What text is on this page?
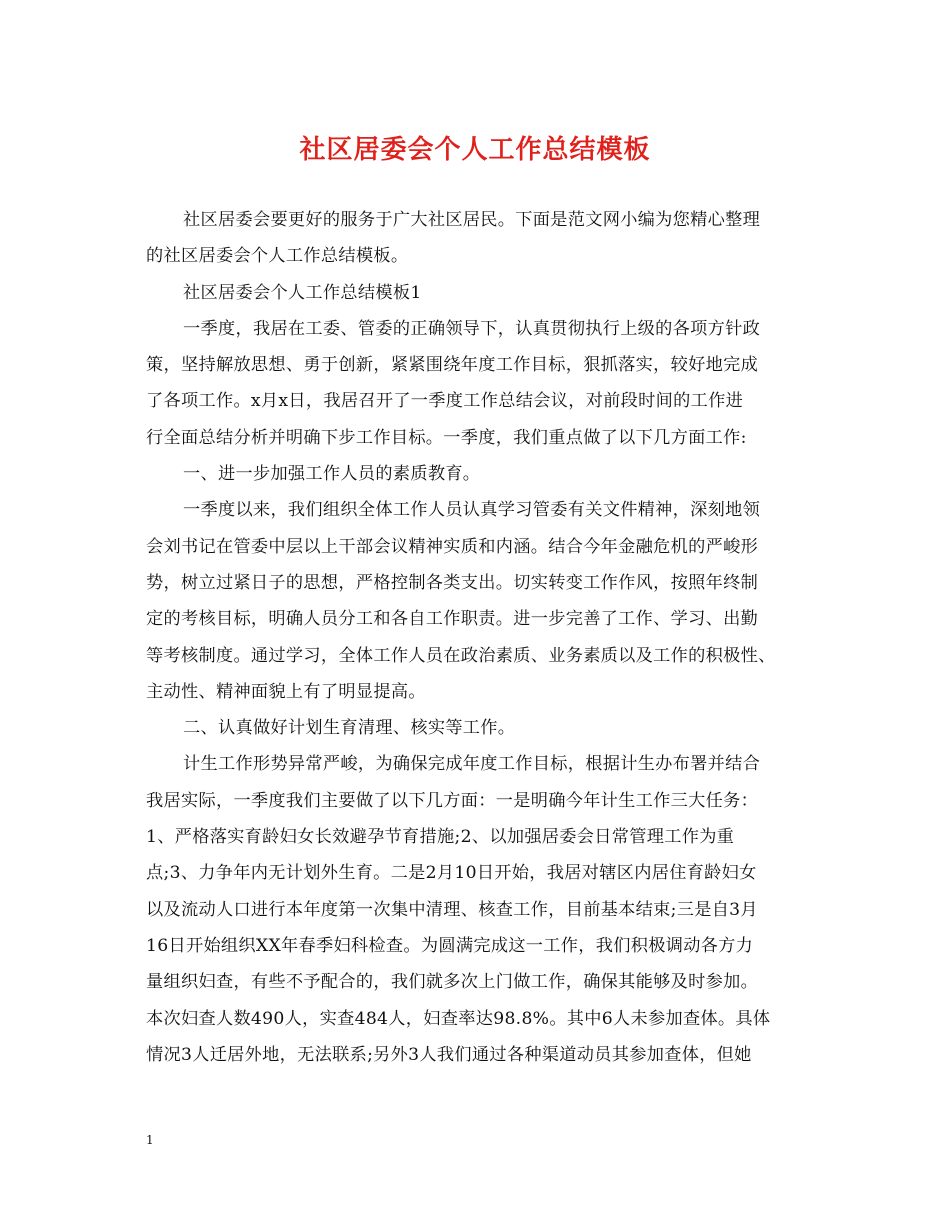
社区居委会个人工作总结模板
社区居委会要更好的服务于广大社区居民。下面是范文网小编为您精心整理
的社区居委会个人工作总结模板。
社区居委会个人工作总结模板1
一季度，我居在工委、管委的正确领导下，认真贯彻执行上级的各项方针政
策，坚持解放思想、勇于创新，紧紧围绕年度工作目标，狠抓落实，较好地完成
了各项工作。x月x日，我居召开了一季度工作总结会议，对前段时间的工作进
行全面总结分析并明确下步工作目标。一季度，我们重点做了以下几方面工作:
一、进一步加强工作人员的素质教育。
一季度以来，我们组织全体工作人员认真学习管委有关文件精神，深刻地领
会刘书记在管委中层以上干部会议精神实质和内涵。结合今年金融危机的严峻形
势，树立过紧日子的思想，严格控制各类支出。切实转变工作作风，按照年终制
定的考核目标，明确人员分工和各自工作职责。进一步完善了工作、学习、出勤
等考核制度。通过学习，全体工作人员在政治素质、业务素质以及工作的积极性、
主动性、精神面貌上有了明显提高。
二、认真做好计划生育清理、核实等工作。
计生工作形势异常严峻，为确保完成年度工作目标，根据计生办布署并结合
我居实际，一季度我们主要做了以下几方面：一是明确今年计生工作三大任务：
1、严格落实育龄妇女长效避孕节育措施;2、以加强居委会日常管理工作为重
点;3、力争年内无计划外生育。二是2月10日开始，我居对辖区内居住育龄妇女
以及流动人口进行本年度第一次集中清理、核查工作，目前基本结束;三是自3月
16日开始组织XX年春季妇科检查。为圆满完成这一工作，我们积极调动各方力
量组织妇查，有些不予配合的，我们就多次上门做工作，确保其能够及时参加。
本次妇查人数490人，实查484人，妇查率达98.8%。其中6人未参加查体。具体
情况3人迁居外地，无法联系;另外3人我们通过各种渠道动员其参加查体，但她
1
